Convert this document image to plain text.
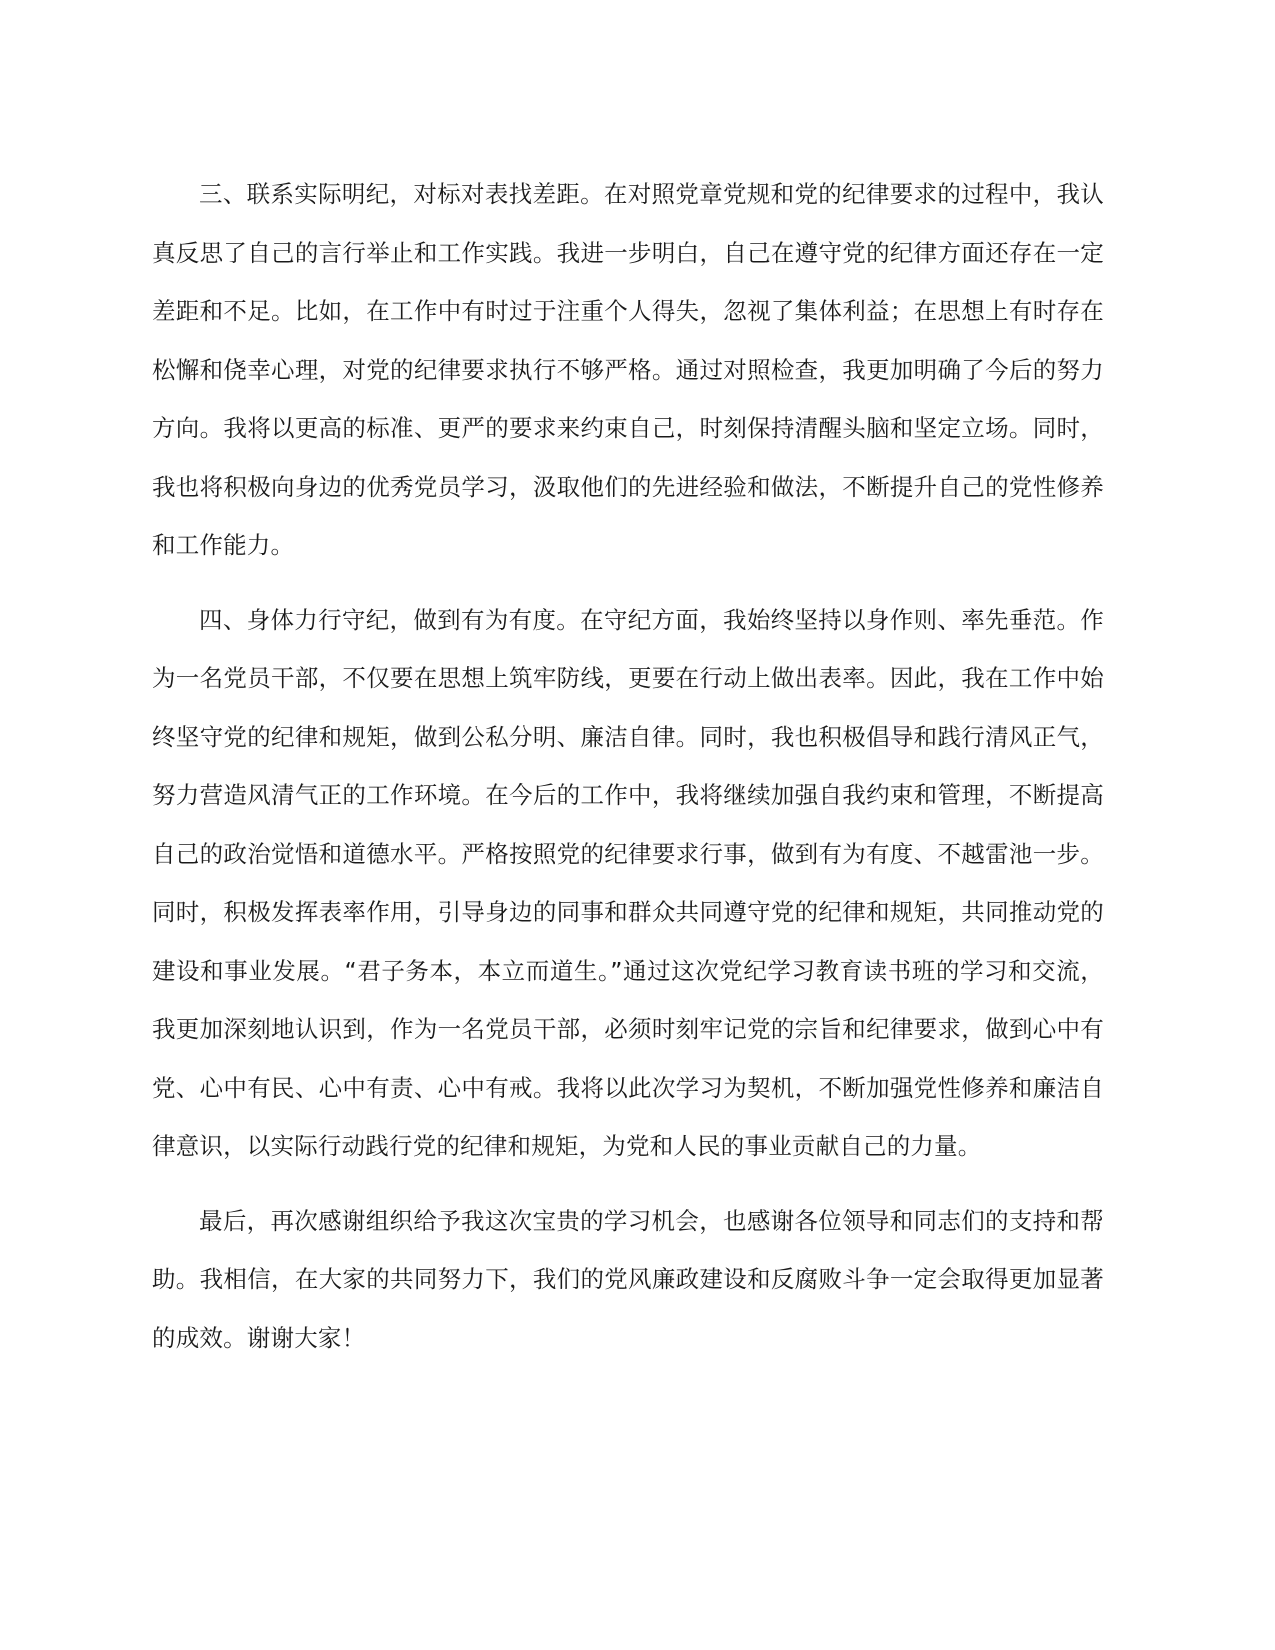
三、联系实际明纪，对标对表找差距。在对照党章党规和党的纪律要求的过程中，我认真反思了自己的言行举止和工作实践。我进一步明白，自己在遵守党的纪律方面还存在一定差距和不足。比如，在工作中有时过于注重个人得失，忽视了集体利益；在思想上有时存在松懈和侥幸心理，对党的纪律要求执行不够严格。通过对照检查，我更加明确了今后的努力方向。我将以更高的标准、更严的要求来约束自己，时刻保持清醒头脑和坚定立场。同时，我也将积极向身边的优秀党员学习，汲取他们的先进经验和做法，不断提升自己的党性修养和工作能力。

四、身体力行守纪，做到有为有度。在守纪方面，我始终坚持以身作则、率先垂范。作为一名党员干部，不仅要在思想上筑牢防线，更要在行动上做出表率。因此，我在工作中始终坚守党的纪律和规矩，做到公私分明、廉洁自律。同时，我也积极倡导和践行清风正气，努力营造风清气正的工作环境。在今后的工作中，我将继续加强自我约束和管理，不断提高自己的政治觉悟和道德水平。严格按照党的纪律要求行事，做到有为有度、不越雷池一步。同时，积极发挥表率作用，引导身边的同事和群众共同遵守党的纪律和规矩，共同推动党的建设和事业发展。“君子务本，本立而道生。”通过这次党纪学习教育读书班的学习和交流，我更加深刻地认识到，作为一名党员干部，必须时刻牢记党的宗旨和纪律要求，做到心中有党、心中有民、心中有责、心中有戒。我将以此次学习为契机，不断加强党性修养和廉洁自律意识，以实际行动践行党的纪律和规矩，为党和人民的事业贡献自己的力量。

最后，再次感谢组织给予我这次宝贵的学习机会，也感谢各位领导和同志们的支持和帮助。我相信，在大家的共同努力下，我们的党风廉政建设和反腐败斗争一定会取得更加显著的成效。谢谢大家！
